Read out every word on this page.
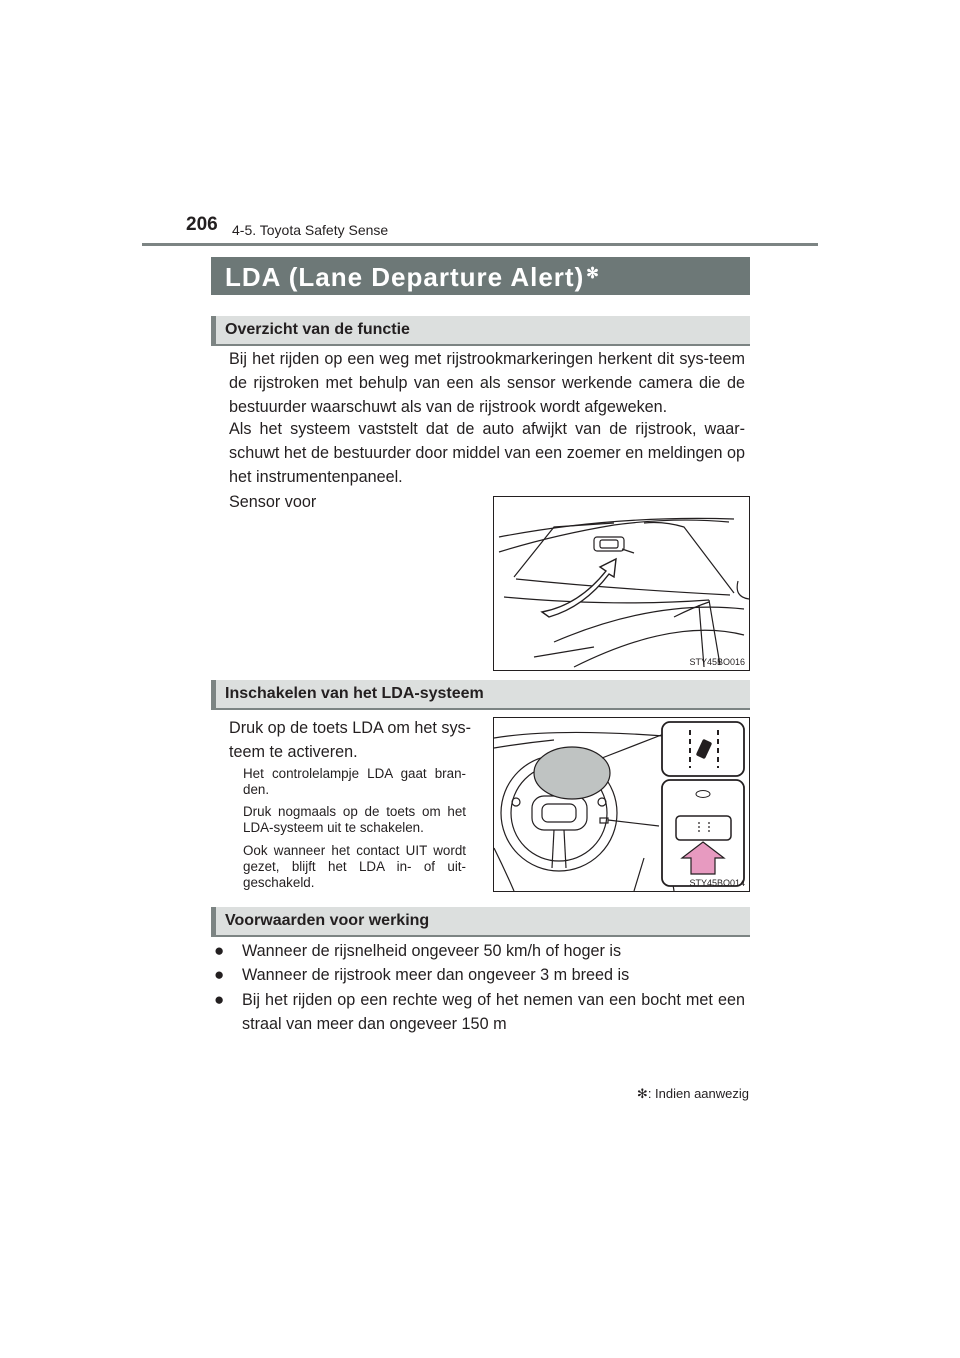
206 4-5. Toyota Safety Sense
LDA (Lane Departure Alert) ✻
Overzicht van de functie
Bij het rijden op een weg met rijstrookmarkeringen herkent dit sys-teem de rijstroken met behulp van een als sensor werkende camera die de bestuurder waarschuwt als van de rijstrook wordt afgeweken.
Als het systeem vaststelt dat de auto afwijkt van de rijstrook, waar-schuwt het de bestuurder door middel van een zoemer en meldingen op het instrumentenpaneel.
Sensor voor
STY45BO016
Inschakelen van het LDA-systeem
Druk op de toets LDA om het sys-teem te activeren.
Het controlelampje LDA gaat bran-den.
Druk nogmaals op de toets om het LDA-systeem uit te schakelen.
Ook wanneer het contact UIT wordt gezet, blijft het LDA in- of uit-geschakeld.	STY45BO014
Voorwaarden voor werking
●	Wanneer de rijsnelheid ongeveer 50 km/h of hoger is
●	Wanneer de rijstrook meer dan ongeveer 3 m breed is
●	Bij het rijden op een rechte weg of het nemen van een bocht met een straal van meer dan ongeveer 150 m
✻: Indien aanwezig
